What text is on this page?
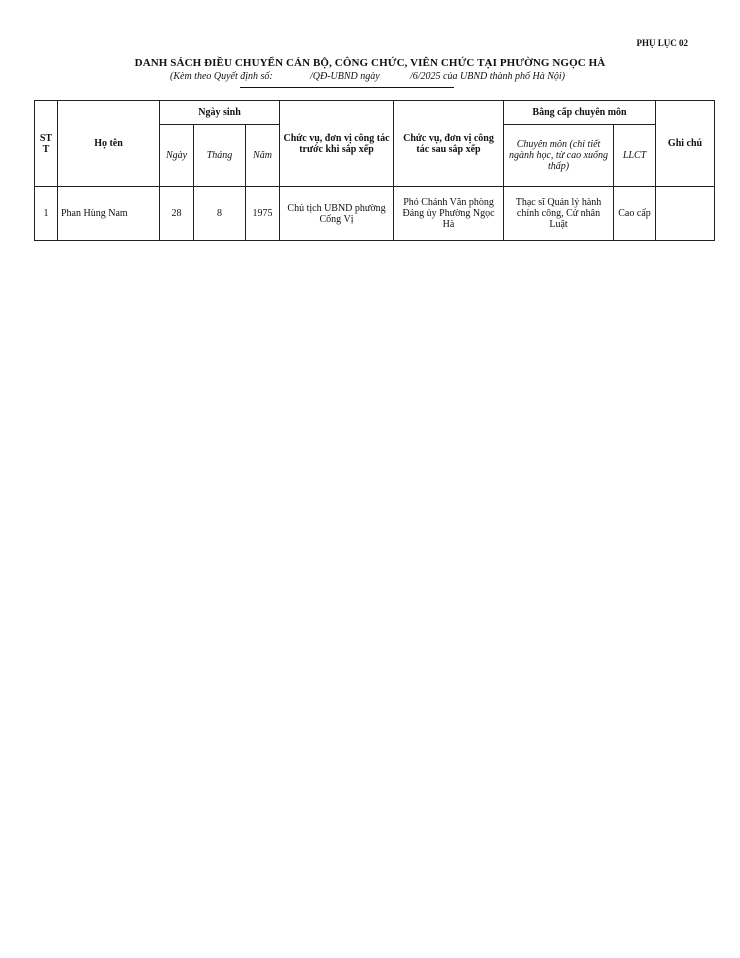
PHỤ LỤC 02
DANH SÁCH ĐIỀU CHUYỂN CÁN BỘ, CÔNG CHỨC, VIÊN CHỨC TẠI PHƯỜNG NGỌC HÀ
(Kèm theo Quyết định số:	/QĐ-UBND ngày	/6/2025 của UBND thành phố Hà Nội)
ST T	Họ tên	Ngày sinh			Chức vụ, đơn vị công tác trước khi sắp xếp	Chức vụ, đơn vị công tác sau sắp xếp	Bằng cấp chuyên môn		Ghi chú
		Ngày	Tháng	Năm			Chuyên môn (chi tiết ngành học, từ cao xuống thấp)	LLCT	
1	Phan Hùng Nam	28	8	1975	Chủ tịch UBND phường Cống Vị	Phó Chánh Văn phòng Đảng ủy Phường Ngọc Hà	Thạc sĩ Quản lý hành chính công, Cử nhân Luật	Cao cấp	
